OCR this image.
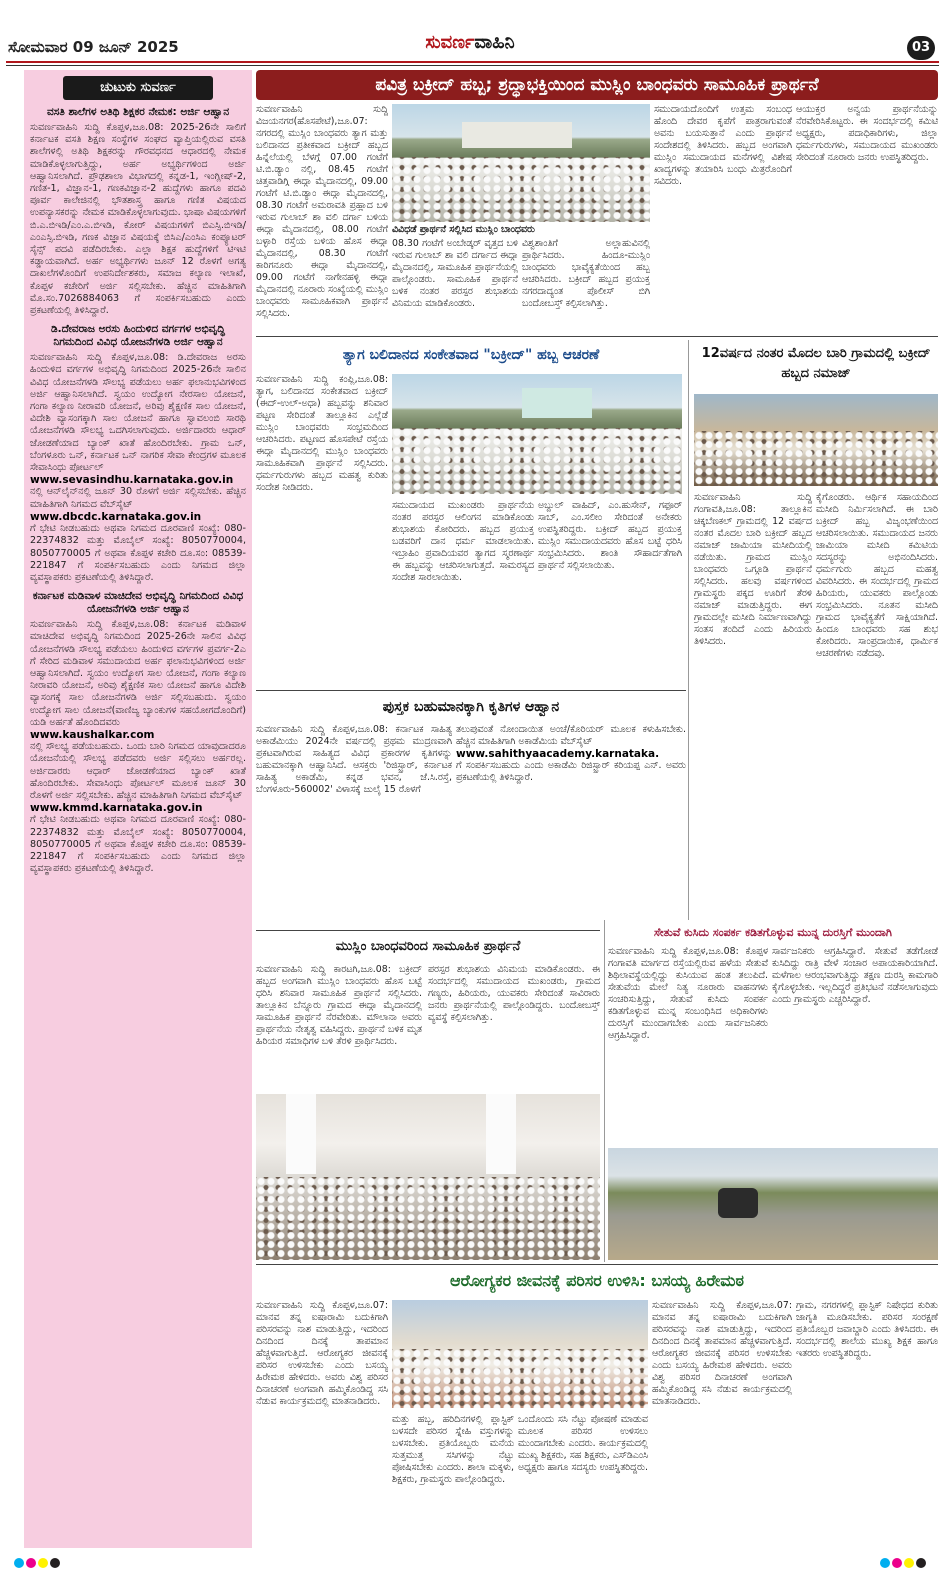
ಸೋಮವಾರ 09 ಜೂನ್ 2025	ಸುವರ್ಣವಾಹಿನಿ	03
ಚುಟುಕು ಸುವರ್ಣ
ವಸತಿ ಶಾಲೆಗಳ ಅತಿಥಿ ಶಿಕ್ಷಕರ ನೇಮಕ: ಅರ್ಜಿ ಆಹ್ವಾನ
ಸುವರ್ಣವಾಹಿನಿ ಸುದ್ದಿ ಕೊಪ್ಪಳ,ಜೂ.08: 2025-26ನೇ ಸಾಲಿಗೆ ಕರ್ನಾಟಕ ವಸತಿ ಶಿಕ್ಷಣ ಸಂಸ್ಥೆಗಳ ಸಂಘದ ವ್ಯಾಪ್ತಿಯಲ್ಲಿರುವ ವಸತಿ ಶಾಲೆಗಳಲ್ಲಿ ಅತಿಥಿ ಶಿಕ್ಷಕರನ್ನು ಗೌರವಧನದ ಆಧಾರದಲ್ಲಿ ನೇಮಕ ಮಾಡಿಕೊಳ್ಳಲಾಗುತ್ತಿದ್ದು, ಅರ್ಹ ಅಭ್ಯರ್ಥಿಗಳಿಂದ ಅರ್ಜಿ ಆಹ್ವಾನಿಸಲಾಗಿದೆ. ಪ್ರೌಢಶಾಲಾ ವಿಭಾಗದಲ್ಲಿ ಕನ್ನಡ-1, ಇಂಗ್ಲೀಷ್-2, ಗಣಿತ-1, ವಿಜ್ಞಾನ-1, ಗಣಕವಿಜ್ಞಾನ-2 ಹುದ್ದೆಗಳು ಹಾಗೂ ಪದವಿ ಪೂರ್ವ ಕಾಲೇಜಿನಲ್ಲಿ ಭೌತಶಾಸ್ತ್ರ ಹಾಗೂ ಗಣಿತ ವಿಷಯದ ಉಪನ್ಯಾಸಕರನ್ನು ನೇಮಕ ಮಾಡಿಕೊಳ್ಳಲಾಗುವುದು. ಭಾಷಾ ವಿಷಯಗಳಿಗೆ ಬಿ.ಎ.ಬಿಇಡಿ/ಎಂ.ಎ.ಬಿಇಡಿ, ಕೋರ್ ವಿಷಯಗಳಿಗೆ ಬಿಎಸ್ಸಿ.ಬಿಇಡಿ/ಎಂಎಸ್ಸಿ.ಬಿಇಡಿ, ಗಣಕ ವಿಜ್ಞಾನ ವಿಷಯಕ್ಕೆ ಬಿಸಿಎ/ಎಂಸಿಎ ಕಂಪ್ಯೂಟರ್ ಸೈನ್ಸ್ ಪದವಿ ಪಡೆದಿರಬೇಕು. ಎಲ್ಲಾ ಶಿಕ್ಷಕ ಹುದ್ದೆಗಳಿಗೆ ಟಿಇಟಿ ಕಡ್ಡಾಯವಾಗಿದೆ. ಅರ್ಹ ಅಭ್ಯರ್ಥಿಗಳು ಜೂನ್ 12 ರೊಳಗೆ ಅಗತ್ಯ ದಾಖಲೆಗಳೊಂದಿಗೆ ಉಪನಿರ್ದೇಶಕರು, ಸಮಾಜ ಕಲ್ಯಾಣ ಇಲಾಖೆ, ಕೊಪ್ಪಳ ಕಚೇರಿಗೆ ಅರ್ಜಿ ಸಲ್ಲಿಸಬೇಕು. ಹೆಚ್ಚಿನ ಮಾಹಿತಿಗಾಗಿ ಮೊ.ಸಂ.7026884063 ಗೆ ಸಂಪರ್ಕಿಸಬಹುದು ಎಂದು ಪ್ರಕಟಣೆಯಲ್ಲಿ ತಿಳಿಸಿದ್ದಾರೆ.
ಡಿ.ದೇವರಾಜ ಅರಸು ಹಿಂದುಳಿದ ವರ್ಗಗಳ ಅಭಿವೃದ್ಧಿ ನಿಗಮದಿಂದ ವಿವಿಧ ಯೋಜನೆಗಳಡಿ ಅರ್ಜಿ ಆಹ್ವಾನ
ಸುವರ್ಣವಾಹಿನಿ ಸುದ್ದಿ ಕೊಪ್ಪಳ,ಜೂ.08: ಡಿ.ದೇವರಾಜ ಅರಸು ಹಿಂದುಳಿದ ವರ್ಗಗಳ ಅಭಿವೃದ್ಧಿ ನಿಗಮದಿಂದ 2025-26ನೇ ಸಾಲಿನ ವಿವಿಧ ಯೋಜನೆಗಳಡಿ ಸೌಲಭ್ಯ ಪಡೆಯಲು ಅರ್ಹ ಫಲಾನುಭವಿಗಳಿಂದ ಅರ್ಜಿ ಆಹ್ವಾನಿಸಲಾಗಿದೆ. ಸ್ವಯಂ ಉದ್ಯೋಗ ನೇರಸಾಲ ಯೋಜನೆ, ಗಂಗಾ ಕಲ್ಯಾಣ ನೀರಾವರಿ ಯೋಜನೆ, ಅರಿವು ಶೈಕ್ಷಣಿಕ ಸಾಲ ಯೋಜನೆ, ವಿದೇಶಿ ವ್ಯಾಸಂಗಕ್ಕಾಗಿ ಸಾಲ ಯೋಜನೆ ಹಾಗೂ ಸ್ವಾವಲಂಬಿ ಸಾರಥಿ ಯೋಜನೆಗಳಡಿ ಸೌಲಭ್ಯ ಒದಗಿಸಲಾಗುವುದು. ಅರ್ಜಿದಾರರು ಆಧಾರ್ ಜೋಡಣೆಯಾದ ಬ್ಯಾಂಕ್ ಖಾತೆ ಹೊಂದಿರಬೇಕು. ಗ್ರಾಮ ಒನ್, ಬೆಂಗಳೂರು ಒನ್, ಕರ್ನಾಟಕ ಒನ್ ನಾಗರಿಕ ಸೇವಾ ಕೇಂದ್ರಗಳ ಮೂಲಕ ಸೇವಾಸಿಂಧು ಪೋರ್ಟಲ್
www.sevasindhu.karnataka.gov.in
ನಲ್ಲಿ ಆನ್‌ಲೈನ್‌ನಲ್ಲಿ ಜೂನ್ 30 ರೊಳಗೆ ಅರ್ಜಿ ಸಲ್ಲಿಸಬೇಕು. ಹೆಚ್ಚಿನ ಮಾಹಿತಿಗಾಗಿ ನಿಗಮದ ವೆಬ್‌ಸೈಟ್
www.dbcdc.karnataka.gov.in
ಗೆ ಭೇಟಿ ನೀಡಬಹುದು ಅಥವಾ ನಿಗಮದ ದೂರವಾಣಿ ಸಂಖ್ಯೆ: 080-22374832 ಮತ್ತು ಮೊಬೈಲ್ ಸಂಖ್ಯೆ: 8050770004, 8050770005 ಗೆ ಅಥವಾ ಕೊಪ್ಪಳ ಕಚೇರಿ ದೂ.ಸಂ: 08539-221847 ಗೆ ಸಂಪರ್ಕಿಸಬಹುದು ಎಂದು ನಿಗಮದ ಜಿಲ್ಲಾ ವ್ಯವಸ್ಥಾಪಕರು ಪ್ರಕಟಣೆಯಲ್ಲಿ ತಿಳಿಸಿದ್ದಾರೆ.
ಕರ್ನಾಟಕ ಮಡಿವಾಳ ಮಾಚಿದೇವ ಅಭಿವೃದ್ಧಿ ನಿಗಮದಿಂದ ವಿವಿಧ ಯೋಜನೆಗಳಡಿ ಅರ್ಜಿ ಆಹ್ವಾನ
ಸುವರ್ಣವಾಹಿನಿ ಸುದ್ದಿ ಕೊಪ್ಪಳ,ಜೂ.08: ಕರ್ನಾಟಕ ಮಡಿವಾಳ ಮಾಚಿದೇವ ಅಭಿವೃದ್ಧಿ ನಿಗಮದಿಂದ 2025-26ನೇ ಸಾಲಿನ ವಿವಿಧ ಯೋಜನೆಗಳಡಿ ಸೌಲಭ್ಯ ಪಡೆಯಲು ಹಿಂದುಳಿದ ವರ್ಗಗಳ ಪ್ರವರ್ಗ-2ಎ ಗೆ ಸೇರಿದ ಮಡಿವಾಳ ಸಮುದಾಯದ ಅರ್ಹ ಫಲಾನುಭವಿಗಳಿಂದ ಅರ್ಜಿ ಆಹ್ವಾನಿಸಲಾಗಿದೆ. ಸ್ವಯಂ ಉದ್ಯೋಗ ಸಾಲ ಯೋಜನೆ, ಗಂಗಾ ಕಲ್ಯಾಣ ನೀರಾವರಿ ಯೋಜನೆ, ಅರಿವು ಶೈಕ್ಷಣಿಕ ಸಾಲ ಯೋಜನೆ ಹಾಗೂ ವಿದೇಶಿ ವ್ಯಾಸಂಗಕ್ಕೆ ಸಾಲ ಯೋಜನೆಗಳಡಿ ಅರ್ಜಿ ಸಲ್ಲಿಸಬಹುದು. ಸ್ವಯಂ ಉದ್ಯೋಗ ಸಾಲ ಯೋಜನೆ(ವಾಣಿಜ್ಯ ಬ್ಯಾಂಕುಗಳ ಸಹಯೋಗದೊಂದಿಗೆ) ಯಡಿ ಅರ್ಹತೆ ಹೊಂದಿದವರು
www.kaushalkar.com
ನಲ್ಲಿ ಸೌಲಭ್ಯ ಪಡೆಯಬಹುದು. ಒಂದು ಬಾರಿ ನಿಗಮದ ಯಾವುದಾದರೂ ಯೋಜನೆಯಲ್ಲಿ ಸೌಲಭ್ಯ ಪಡೆದವರು ಅರ್ಜಿ ಸಲ್ಲಿಸಲು ಅರ್ಹರಲ್ಲ. ಅರ್ಜಿದಾರರು ಆಧಾರ್ ಜೋಡಣೆಯಾದ ಬ್ಯಾಂಕ್ ಖಾತೆ ಹೊಂದಿರಬೇಕು. ಸೇವಾಸಿಂಧು ಪೋರ್ಟಲ್ ಮೂಲಕ ಜೂನ್ 30 ರೊಳಗೆ ಅರ್ಜಿ ಸಲ್ಲಿಸಬೇಕು. ಹೆಚ್ಚಿನ ಮಾಹಿತಿಗಾಗಿ ನಿಗಮದ ವೆಬ್‌ಸೈಟ್
www.kmmd.karnataka.gov.in
ಗೆ ಭೇಟಿ ನೀಡಬಹುದು ಅಥವಾ ನಿಗಮದ ದೂರವಾಣಿ ಸಂಖ್ಯೆ: 080-22374832 ಮತ್ತು ಮೊಬೈಲ್ ಸಂಖ್ಯೆ: 8050770004, 8050770005 ಗೆ ಅಥವಾ ಕೊಪ್ಪಳ ಕಚೇರಿ ದೂ.ಸಂ: 08539-221847 ಗೆ ಸಂಪರ್ಕಿಸಬಹುದು ಎಂದು ನಿಗಮದ ಜಿಲ್ಲಾ ವ್ಯವಸ್ಥಾಪಕರು ಪ್ರಕಟಣೆಯಲ್ಲಿ ತಿಳಿಸಿದ್ದಾರೆ.
ಪವಿತ್ರ ಬಕ್ರೀದ್ ಹಬ್ಬ; ಶ್ರದ್ಧಾಭಕ್ತಿಯಿಂದ ಮುಸ್ಲಿಂ ಬಾಂಧವರು ಸಾಮೂಹಿಕ ಪ್ರಾರ್ಥನೆ
ಸುವರ್ಣವಾಹಿನಿ ಸುದ್ದಿ ವಿಜಯನಗರ(ಹೊಸಪೇಟೆ),ಜೂ.07: ನಗರದಲ್ಲಿ ಮುಸ್ಲಿಂ ಬಾಂಧವರು ತ್ಯಾಗ ಮತ್ತು ಬಲಿದಾನದ ಪ್ರತೀಕವಾದ ಬಕ್ರೀದ್ ಹಬ್ಬದ ಹಿನ್ನೆಲೆಯಲ್ಲಿ ಬೆಳಗ್ಗೆ 07.00 ಗಂಟೆಗೆ ಟಿ.ಬಿ.ಡ್ಯಾಂ ನಲ್ಲಿ, 08.45 ಗಂಟೆಗೆ ಚಿತ್ತವಾಡಿಗ್ಗಿ ಈದ್ಗಾ ಮೈದಾನದಲ್ಲಿ, 09.00 ಗಂಟೆಗೆ ಟಿ.ಬಿ.ಡ್ಯಾಂ ಈದ್ಗಾ ಮೈದಾನದಲ್ಲಿ, 08.30 ಗಂಟೆಗೆ ಅಮರಾವತಿ ಪ್ರಹ್ಲಾದ ಬಳಿ ಇರುವ ಗುಲಾಬ್ ಶಾ ವಲಿ ದರ್ಗಾ ಬಳಿಯ ಈದ್ಗಾ ಮೈದಾನದಲ್ಲಿ, 08.00 ಗಂಟೆಗೆ ಬಳ್ಳಾರಿ ರಸ್ತೆಯ ಬಳಿಯ ಹೊಸ ಈದ್ಗಾ ಮೈದಾನದಲ್ಲಿ, 08.30 ಗಂಟೆಗೆ ಕಾರಿಗನೂರು ಈದ್ಗಾ ಮೈದಾನದಲ್ಲಿ, 09.00 ಗಂಟೆಗೆ ನಾಗೇನಹಳ್ಳಿ ಈದ್ಗಾ ಮೈದಾನದಲ್ಲಿ ನೂರಾರು ಸಂಖ್ಯೆಯಲ್ಲಿ ಮುಸ್ಲಿಂ ಬಾಂಧವರು ಸಾಮೂಹಿಕವಾಗಿ ಪ್ರಾರ್ಥನೆ ಸಲ್ಲಿಸಿದರು.
ವಿವಿಧಡೆ ಪ್ರಾರ್ಥನೆ ಸಲ್ಲಿಸಿದ ಮುಸ್ಲಿಂ ಬಾಂಧವರು
08.30 ಗಂಟೆಗೆ ಅಂಬೇಡ್ಕರ್ ವೃತ್ತದ ಬಳಿ ಇರುವ ಗುಲಾಬ್ ಶಾ ವಲಿ ದರ್ಗಾದ ಈದ್ಗಾ ಮೈದಾನದಲ್ಲಿ, ಸಾಮೂಹಿಕ ಪ್ರಾರ್ಥನೆಯಲ್ಲಿ ಪಾಲ್ಗೊಂಡರು. ಸಾಮೂಹಿಕ ಪ್ರಾರ್ಥನೆ ಬಳಿಕ ನಂತರ ಪರಸ್ಪರ ಶುಭಾಶಯ ವಿನಿಮಯ ಮಾಡಿಕೊಂಡರು.
ವಿಶ್ವಶಾಂತಿಗೆ ಅಲ್ಲಾಹುವಿನಲ್ಲಿ ಪ್ರಾರ್ಥಿಸಿದರು. ಹಿಂದೂ-ಮುಸ್ಲಿಂ ಬಾಂಧವರು ಭಾವೈಕ್ಯತೆಯಿಂದ ಹಬ್ಬ ಆಚರಿಸಿದರು. ಬಕ್ರೀದ್ ಹಬ್ಬದ ಪ್ರಯುಕ್ತ ನಗರದಾದ್ಯಂತ ಪೊಲೀಸ್ ಬಿಗಿ ಬಂದೋಬಸ್ತ್ ಕಲ್ಪಿಸಲಾಗಿತ್ತು.
ಸಮುದಾಯದೊಂದಿಗೆ ಉತ್ತಮ ಸಂಬಂಧ ಹೊಂದಿ ದೇವರ ಕೃಪೆಗೆ ಪಾತ್ರರಾಗುವಂತೆ ಅವನು ಬಯಸುತ್ತಾನೆ ಎಂದು ಪ್ರಾರ್ಥನೆ ಸಂದೇಶದಲ್ಲಿ ತಿಳಿಸಿದರು. ಹಬ್ಬದ ಅಂಗವಾಗಿ ಮುಸ್ಲಿಂ ಸಮುದಾಯದ ಮನೆಗಳಲ್ಲಿ ವಿಶೇಷ ಖಾದ್ಯಗಳನ್ನು ತಯಾರಿಸಿ ಬಂಧು ಮಿತ್ರರೊಂದಿಗೆ ಸವಿದರು.
ಆಯುಕ್ತರ ಅನ್ವಯ ಪ್ರಾರ್ಥನೆಯನ್ನು ನೆರವೇರಿಸಿಕೊಟ್ಟರು. ಈ ಸಂದರ್ಭದಲ್ಲಿ ಕಮಿಟಿ ಅಧ್ಯಕ್ಷರು, ಪದಾಧಿಕಾರಿಗಳು, ಜಿಲ್ಲಾ ಧರ್ಮಗುರುಗಳು, ಸಮುದಾಯದ ಮುಖಂಡರು ಸೇರಿದಂತೆ ನೂರಾರು ಜನರು ಉಪಸ್ಥಿತರಿದ್ದರು.
ತ್ಯಾಗ ಬಲಿದಾನದ ಸಂಕೇತವಾದ "ಬಕ್ರೀದ್" ಹಬ್ಬ ಆಚರಣೆ
ಸುವರ್ಣವಾಹಿನಿ ಸುದ್ದಿ ಕಂಪ್ಲಿ,ಜೂ.08: ತ್ಯಾಗ, ಬಲಿದಾನದ ಸಂಕೇತವಾದ ಬಕ್ರೀದ್ (ಈದ್-ಉಲ್-ಅಧಾ) ಹಬ್ಬವನ್ನು ಶನಿವಾರ ಪಟ್ಟಣ ಸೇರಿದಂತೆ ತಾಲ್ಲೂಕಿನ ಎಲ್ಲೆಡೆ ಮುಸ್ಲಿಂ ಬಾಂಧವರು ಸಂಭ್ರಮದಿಂದ ಆಚರಿಸಿದರು. ಪಟ್ಟಣದ ಹೊಸಪೇಟೆ ರಸ್ತೆಯ ಈದ್ಗಾ ಮೈದಾನದಲ್ಲಿ ಮುಸ್ಲಿಂ ಬಾಂಧವರು ಸಾಮೂಹಿಕವಾಗಿ ಪ್ರಾರ್ಥನೆ ಸಲ್ಲಿಸಿದರು. ಧರ್ಮಗುರುಗಳು ಹಬ್ಬದ ಮಹತ್ವ ಕುರಿತು ಸಂದೇಶ ನೀಡಿದರು.
ಸಮುದಾಯದ ಮುಖಂಡರು ಪ್ರಾರ್ಥನೆಯ ನಂತರ ಪರಸ್ಪರ ಆಲಿಂಗನ ಮಾಡಿಕೊಂಡು ಶುಭಾಶಯ ಕೋರಿದರು. ಹಬ್ಬದ ಪ್ರಯುಕ್ತ ಬಡವರಿಗೆ ದಾನ ಧರ್ಮ ಮಾಡಲಾಯಿತು. ಇಬ್ರಾಹಿಂ ಪ್ರವಾದಿಯವರ ತ್ಯಾಗದ ಸ್ಮರಣಾರ್ಥ ಈ ಹಬ್ಬವನ್ನು ಆಚರಿಸಲಾಗುತ್ತದೆ. ಸಾಮರಸ್ಯದ ಸಂದೇಶ ಸಾರಲಾಯಿತು.
ಅಬ್ದುಲ್ ವಾಹಿದ್, ಎಂ.ಹುಸೇನ್, ಗಫೂರ್ ಸಾಬ್, ಎಂ.ಸಲೀಂ ಸೇರಿದಂತೆ ಅನೇಕರು ಉಪಸ್ಥಿತರಿದ್ದರು. ಬಕ್ರೀದ್ ಹಬ್ಬದ ಪ್ರಯುಕ್ತ ಮುಸ್ಲಿಂ ಸಮುದಾಯದವರು ಹೊಸ ಬಟ್ಟೆ ಧರಿಸಿ ಸಂಭ್ರಮಿಸಿದರು. ಶಾಂತಿ ಸೌಹಾರ್ದತೆಗಾಗಿ ಪ್ರಾರ್ಥನೆ ಸಲ್ಲಿಸಲಾಯಿತು.
12ವರ್ಷದ ನಂತರ ಮೊದಲ ಬಾರಿ ಗ್ರಾಮದಲ್ಲಿ ಬಕ್ರೀದ್ ಹಬ್ಬದ ನಮಾಜ್
ಸುವರ್ಣವಾಹಿನಿ ಸುದ್ದಿ ಗಂಗಾವತಿ,ಜೂ.08: ತಾಲ್ಲೂಕಿನ ಚಿಕ್ಕಬೆಣಕಲ್ ಗ್ರಾಮದಲ್ಲಿ 12 ವರ್ಷದ ನಂತರ ಮೊದಲ ಬಾರಿ ಬಕ್ರೀದ್ ಹಬ್ಬದ ನಮಾಜ್ ಜಾಮಿಯಾ ಮಸೀದಿಯಲ್ಲಿ ನಡೆಯಿತು. ಗ್ರಾಮದ ಮುಸ್ಲಿಂ ಬಾಂಧವರು ಒಗ್ಗೂಡಿ ಪ್ರಾರ್ಥನೆ ಸಲ್ಲಿಸಿದರು. ಹಲವು ವರ್ಷಗಳಿಂದ ಗ್ರಾಮಸ್ಥರು ಪಕ್ಕದ ಊರಿಗೆ ತೆರಳಿ ನಮಾಜ್ ಮಾಡುತ್ತಿದ್ದರು. ಈಗ ಗ್ರಾಮದಲ್ಲೇ ಮಸೀದಿ ನಿರ್ಮಾಣವಾಗಿದ್ದು ಸಂತಸ ತಂದಿದೆ ಎಂದು ಹಿರಿಯರು ತಿಳಿಸಿದರು.
ಕೈಗೊಂಡರು. ಆರ್ಥಿಕ ಸಹಾಯದಿಂದ ಮಸೀದಿ ನಿರ್ಮಿಸಲಾಗಿದೆ. ಈ ಬಾರಿ ಬಕ್ರೀದ್ ಹಬ್ಬ ವಿಜೃಂಭಣೆಯಿಂದ ಆಚರಿಸಲಾಯಿತು. ಸಮುದಾಯದ ಜನರು ಜಾಮಿಯಾ ಮಸೀದಿ ಕಮಿಟಿಯ ಸದಸ್ಯರನ್ನು ಅಭಿನಂದಿಸಿದರು. ಧರ್ಮಗುರು ಹಬ್ಬದ ಮಹತ್ವ ವಿವರಿಸಿದರು. ಈ ಸಂದರ್ಭದಲ್ಲಿ ಗ್ರಾಮದ ಹಿರಿಯರು, ಯುವಕರು ಪಾಲ್ಗೊಂಡು ಸಂಭ್ರಮಿಸಿದರು. ನೂತನ ಮಸೀದಿ ಗ್ರಾಮದ ಭಾವೈಕ್ಯತೆಗೆ ಸಾಕ್ಷಿಯಾಗಿದೆ. ಹಿಂದೂ ಬಾಂಧವರು ಸಹ ಶುಭ ಕೋರಿದರು. ಸಾಂಪ್ರದಾಯಿಕ, ಧಾರ್ಮಿಕ ಆಚರಣೆಗಳು ನಡೆದವು.
ಪುಸ್ತಕ ಬಹುಮಾನಕ್ಕಾಗಿ ಕೃತಿಗಳ ಆಹ್ವಾನ
ಸುವರ್ಣವಾಹಿನಿ ಸುದ್ದಿ ಕೊಪ್ಪಳ,ಜೂ.08: ಕರ್ನಾಟಕ ಸಾಹಿತ್ಯ ಅಕಾಡೆಮಿಯು 2024ನೇ ವರ್ಷದಲ್ಲಿ ಪ್ರಥಮ ಮುದ್ರಣವಾಗಿ ಪ್ರಕಟವಾಗಿರುವ ಸಾಹಿತ್ಯದ ವಿವಿಧ ಪ್ರಕಾರಗಳ ಕೃತಿಗಳನ್ನು ಬಹುಮಾನಕ್ಕಾಗಿ ಆಹ್ವಾನಿಸಿದೆ. ಆಸಕ್ತರು 'ರಿಜಿಸ್ಟ್ರಾರ್, ಕರ್ನಾಟಕ ಸಾಹಿತ್ಯ ಅಕಾಡೆಮಿ, ಕನ್ನಡ ಭವನ, ಜೆ.ಸಿ.ರಸ್ತೆ, ಬೆಂಗಳೂರು-560002' ವಿಳಾಸಕ್ಕೆ ಜುಲೈ 15 ರೊಳಗೆ
ತಲುಪುವಂತೆ ನೋಂದಾಯಿತ ಅಂಚೆ/ಕೊರಿಯರ್ ಮೂಲಕ ಕಳುಹಿಸಬೇಕು. ಹೆಚ್ಚಿನ ಮಾಹಿತಿಗಾಗಿ ಅಕಾಡೆಮಿಯ ವೆಬ್‌ಸೈಟ್
www.sahithyaacademy.karnataka.
ಗೆ ಸಂಪರ್ಕಿಸಬಹುದು ಎಂದು ಅಕಾಡೆಮಿ ರಿಜಿಸ್ಟ್ರಾರ್ ಕರಿಯಪ್ಪ ಎನ್. ಅವರು ಪ್ರಕಟಣೆಯಲ್ಲಿ ತಿಳಿಸಿದ್ದಾರೆ.
ಮುಸ್ಲಿಂ ಬಾಂಧವರಿಂದ ಸಾಮೂಹಿಕ ಪ್ರಾರ್ಥನೆ
ಸುವರ್ಣವಾಹಿನಿ ಸುದ್ದಿ ಕಾರಟಗಿ,ಜೂ.08: ಬಕ್ರೀದ್ ಹಬ್ಬದ ಅಂಗವಾಗಿ ಮುಸ್ಲಿಂ ಬಾಂಧವರು ಹೊಸ ಬಟ್ಟೆ ಧರಿಸಿ ಶನಿವಾರ ಸಾಮೂಹಿಕ ಪ್ರಾರ್ಥನೆ ಸಲ್ಲಿಸಿದರು. ತಾಲ್ಲೂಕಿನ ಬೆನ್ನೂರು ಗ್ರಾಮದ ಈದ್ಗಾ ಮೈದಾನದಲ್ಲಿ ಸಾಮೂಹಿಕ ಪ್ರಾರ್ಥನೆ ನೆರವೇರಿತು. ಮೌಲಾನಾ ಅವರು ಪ್ರಾರ್ಥನೆಯ ನೇತೃತ್ವ ವಹಿಸಿದ್ದರು. ಪ್ರಾರ್ಥನೆ ಬಳಿಕ ಮೃತ ಹಿರಿಯರ ಸಮಾಧಿಗಳ ಬಳಿ ತೆರಳಿ ಪ್ರಾರ್ಥಿಸಿದರು.
ಪರಸ್ಪರ ಶುಭಾಶಯ ವಿನಿಮಯ ಮಾಡಿಕೊಂಡರು. ಈ ಸಂದರ್ಭದಲ್ಲಿ ಸಮುದಾಯದ ಮುಖಂಡರು, ಗ್ರಾಮದ ಗಣ್ಯರು, ಹಿರಿಯರು, ಯುವಕರು ಸೇರಿದಂತೆ ಸಾವಿರಾರು ಜನರು ಪ್ರಾರ್ಥನೆಯಲ್ಲಿ ಪಾಲ್ಗೊಂಡಿದ್ದರು. ಬಂದೋಬಸ್ತ್ ವ್ಯವಸ್ಥೆ ಕಲ್ಪಿಸಲಾಗಿತ್ತು.
ಸೇತುವೆ ಕುಸಿದು ಸಂಪರ್ಕ ಕಡಿತಗೊಳ್ಳುವ ಮುನ್ನ ದುರಸ್ತಿಗೆ ಮುಂದಾಗಿ
ಸುವರ್ಣವಾಹಿನಿ ಸುದ್ದಿ ಕೊಪ್ಪಳ,ಜೂ.08: ಕೊಪ್ಪಳ ಗಂಗಾವತಿ ಮಾರ್ಗದ ರಸ್ತೆಯಲ್ಲಿರುವ ಹಳೆಯ ಸೇತುವೆ ಶಿಥಿಲಾವಸ್ಥೆಯಲ್ಲಿದ್ದು ಕುಸಿಯುವ ಹಂತ ತಲುಪಿದೆ. ಸೇತುವೆಯ ಮೇಲೆ ನಿತ್ಯ ನೂರಾರು ವಾಹನಗಳು ಸಂಚರಿಸುತ್ತಿದ್ದು, ಸೇತುವೆ ಕುಸಿದು ಸಂಪರ್ಕ ಕಡಿತಗೊಳ್ಳುವ ಮುನ್ನ ಸಂಬಂಧಿಸಿದ ಅಧಿಕಾರಿಗಳು ದುರಸ್ತಿಗೆ ಮುಂದಾಗಬೇಕು ಎಂದು ಸಾರ್ವಜನಿಕರು ಆಗ್ರಹಿಸಿದ್ದಾರೆ.
ಸಾರ್ವಜನಿಕರು ಆಗ್ರಹಿಸಿದ್ದಾರೆ. ಸೇತುವೆ ತಡೆಗೋಡೆ ಕುಸಿದಿದ್ದು ರಾತ್ರಿ ವೇಳೆ ಸಂಚಾರ ಅಪಾಯಕಾರಿಯಾಗಿದೆ. ಮಳೆಗಾಲ ಆರಂಭವಾಗುತ್ತಿದ್ದು ತಕ್ಷಣ ದುರಸ್ತಿ ಕಾಮಗಾರಿ ಕೈಗೊಳ್ಳಬೇಕು. ಇಲ್ಲದಿದ್ದರೆ ಪ್ರತಿಭಟನೆ ನಡೆಸಲಾಗುವುದು ಎಂದು ಗ್ರಾಮಸ್ಥರು ಎಚ್ಚರಿಸಿದ್ದಾರೆ.
ಆರೋಗ್ಯಕರ ಜೀವನಕ್ಕೆ ಪರಿಸರ ಉಳಿಸಿ: ಬಸಯ್ಯ ಹಿರೇಮಠ
ಸುವರ್ಣವಾಹಿನಿ ಸುದ್ದಿ ಕೊಪ್ಪಳ,ಜೂ.07: ಮಾನವ ತನ್ನ ಐಷಾರಾಮಿ ಬದುಕಿಗಾಗಿ ಪರಿಸರವನ್ನು ನಾಶ ಮಾಡುತ್ತಿದ್ದು, ಇದರಿಂದ ದಿನದಿಂದ ದಿನಕ್ಕೆ ತಾಪಮಾನ ಹೆಚ್ಚಳವಾಗುತ್ತಿದೆ. ಆರೋಗ್ಯಕರ ಜೀವನಕ್ಕೆ ಪರಿಸರ ಉಳಿಸಬೇಕು ಎಂದು ಬಸಯ್ಯ ಹಿರೇಮಠ ಹೇಳಿದರು. ಅವರು ವಿಶ್ವ ಪರಿಸರ ದಿನಾಚರಣೆ ಅಂಗವಾಗಿ ಹಮ್ಮಿಕೊಂಡಿದ್ದ ಸಸಿ ನೆಡುವ ಕಾರ್ಯಕ್ರಮದಲ್ಲಿ ಮಾತನಾಡಿದರು.
ಮತ್ತು ಹಬ್ಬ, ಹರಿದಿನಗಳಲ್ಲಿ ಪ್ಲಾಸ್ಟಿಕ್ ಬಳಸದೇ ಪರಿಸರ ಸ್ನೇಹಿ ವಸ್ತುಗಳನ್ನು ಬಳಸಬೇಕು. ಪ್ರತಿಯೊಬ್ಬರು ಮನೆಯ ಸುತ್ತಮುತ್ತ ಸಸಿಗಳನ್ನು ನೆಟ್ಟು ಪೋಷಿಸಬೇಕು ಎಂದರು. ಶಾಲಾ ಮಕ್ಕಳು, ಶಿಕ್ಷಕರು, ಗ್ರಾಮಸ್ಥರು ಪಾಲ್ಗೊಂಡಿದ್ದರು.
ಒಂದೊಂದು ಸಸಿ ನೆಟ್ಟು ಪೋಷಣೆ ಮಾಡುವ ಮೂಲಕ ಪರಿಸರ ಉಳಿಸಲು ಮುಂದಾಗಬೇಕು ಎಂದರು. ಕಾರ್ಯಕ್ರಮದಲ್ಲಿ ಮುಖ್ಯ ಶಿಕ್ಷಕರು, ಸಹ ಶಿಕ್ಷಕರು, ಎಸ್‌ಡಿಎಂಸಿ ಅಧ್ಯಕ್ಷರು ಹಾಗೂ ಸದಸ್ಯರು ಉಪಸ್ಥಿತರಿದ್ದರು.
ಸುವರ್ಣವಾಹಿನಿ ಸುದ್ದಿ ಕೊಪ್ಪಳ,ಜೂ.07: ಮಾನವ ತನ್ನ ಐಷಾರಾಮಿ ಬದುಕಿಗಾಗಿ ಪರಿಸರವನ್ನು ನಾಶ ಮಾಡುತ್ತಿದ್ದು, ಇದರಿಂದ ದಿನದಿಂದ ದಿನಕ್ಕೆ ತಾಪಮಾನ ಹೆಚ್ಚಳವಾಗುತ್ತಿದೆ. ಆರೋಗ್ಯಕರ ಜೀವನಕ್ಕೆ ಪರಿಸರ ಉಳಿಸಬೇಕು ಎಂದು ಬಸಯ್ಯ ಹಿರೇಮಠ ಹೇಳಿದರು. ಅವರು ವಿಶ್ವ ಪರಿಸರ ದಿನಾಚರಣೆ ಅಂಗವಾಗಿ ಹಮ್ಮಿಕೊಂಡಿದ್ದ ಸಸಿ ನೆಡುವ ಕಾರ್ಯಕ್ರಮದಲ್ಲಿ ಮಾತನಾಡಿದರು.
ಗ್ರಾಮ, ನಗರಗಳಲ್ಲಿ ಪ್ಲಾಸ್ಟಿಕ್ ನಿಷೇಧದ ಕುರಿತು ಜಾಗೃತಿ ಮೂಡಿಸಬೇಕು. ಪರಿಸರ ಸಂರಕ್ಷಣೆ ಪ್ರತಿಯೊಬ್ಬರ ಜವಾಬ್ದಾರಿ ಎಂದು ತಿಳಿಸಿದರು. ಈ ಸಂದರ್ಭದಲ್ಲಿ ಶಾಲೆಯ ಮುಖ್ಯ ಶಿಕ್ಷಕ ಹಾಗೂ ಇತರರು ಉಪಸ್ಥಿತರಿದ್ದರು.
